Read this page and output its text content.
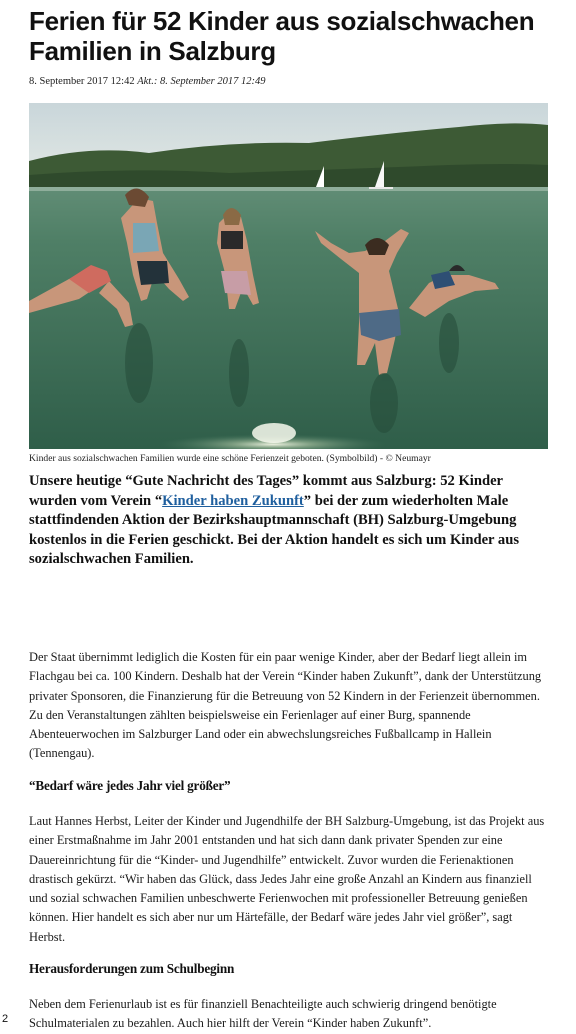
Ferien für 52 Kinder aus sozialschwachen Familien in Salzburg
8. September 2017 12:42 Akt.: 8. September 2017 12:49
Kinder aus sozialschwachen Familien wurde eine schöne Ferienzeit geboten. (Symbolbild) - © Neumayr

Unsere heutige “Gute Nachricht des Tages” kommt aus Salzburg: 52 Kinder wurden vom Verein “Kinder haben Zukunft” bei der zum wiederholten Male stattfindenden Aktion der Bezirkshauptmannschaft (BH) Salzburg-Umgebung kostenlos in die Ferien geschickt. Bei der Aktion handelt es sich um Kinder aus sozialschwachen Familien.

Der Staat übernimmt lediglich die Kosten für ein paar wenige Kinder, aber der Bedarf liegt allein im Flachgau bei ca. 100 Kindern. Deshalb hat der Verein “Kinder haben Zukunft”, dank der Unterstützung privater Sponsoren, die Finanzierung für die Betreuung von 52 Kindern in der Ferienzeit übernommen. Zu den Veranstaltungen zählten beispielsweise ein Ferienlager auf einer Burg, spannende Abenteuerwochen im Salzburger Land oder ein abwechslungsreiches Fußballcamp in Hallein (Tennengau).

“Bedarf wäre jedes Jahr viel größer”

Laut Hannes Herbst, Leiter der Kinder und Jugendhilfe der BH Salzburg-Umgebung, ist das Projekt aus einer Erstmaßnahme im Jahr 2001 entstanden und hat sich dann dank privater Spenden zur eine Dauereinrichtung für die “Kinder- und Jugendhilfe” entwickelt. Zuvor wurden die Ferienaktionen drastisch gekürzt. “Wir haben das Glück, dass Jedes Jahr eine große Anzahl an Kindern aus finanziell und sozial schwachen Familien unbeschwerte Ferienwochen mit professioneller Betreuung genießen können. Hier handelt es sich aber nur um Härtefälle, der Bedarf wäre jedes Jahr viel größer”, sagt Herbst.

Herausforderungen zum Schulbeginn

Neben dem Ferienurlaub ist es für finanziell Benachteiligte auch schwierig dringend benötigte Schulmaterialen zu bezahlen. Auch hier hilft der Verein “Kinder haben Zukunft”.

2
